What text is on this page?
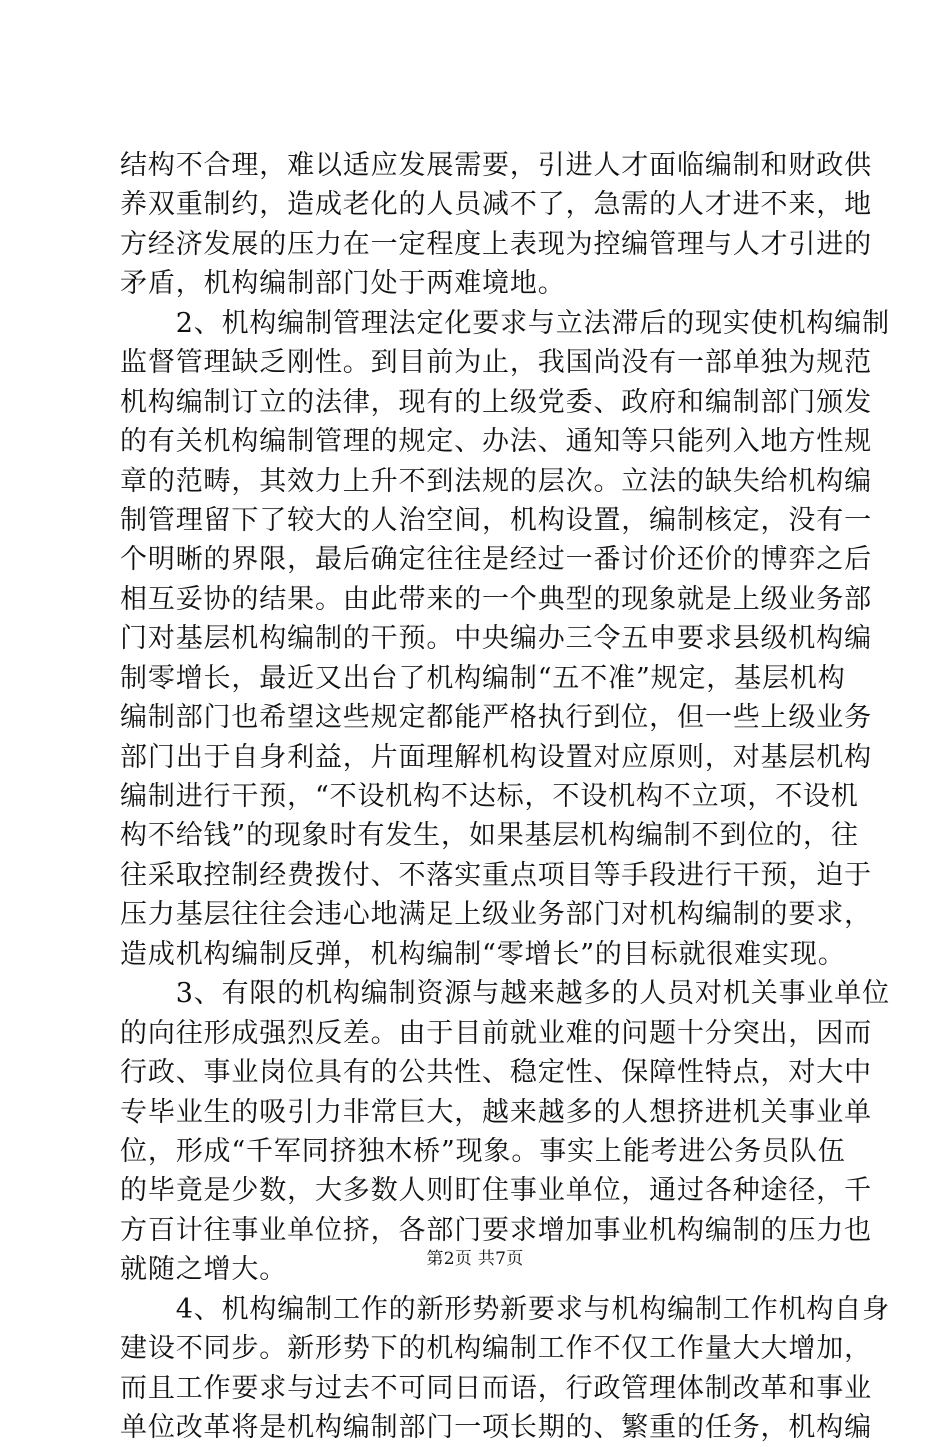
结构不合理，难以适应发展需要，引进人才面临编制和财政供
养双重制约，造成老化的人员减不了，急需的人才进不来，地
方经济发展的压力在一定程度上表现为控编管理与人才引进的
矛盾，机构编制部门处于两难境地。
　　2、机构编制管理法定化要求与立法滞后的现实使机构编制
监督管理缺乏刚性。到目前为止，我国尚没有一部单独为规范
机构编制订立的法律，现有的上级党委、政府和编制部门颁发
的有关机构编制管理的规定、办法、通知等只能列入地方性规
章的范畴，其效力上升不到法规的层次。立法的缺失给机构编
制管理留下了较大的人治空间，机构设置，编制核定，没有一
个明晰的界限，最后确定往往是经过一番讨价还价的博弈之后
相互妥协的结果。由此带来的一个典型的现象就是上级业务部
门对基层机构编制的干预。中央编办三令五申要求县级机构编
制零增长，最近又出台了机构编制“五不准”规定，基层机构
编制部门也希望这些规定都能严格执行到位，但一些上级业务
部门出于自身利益，片面理解机构设置对应原则，对基层机构
编制进行干预，“不设机构不达标，不设机构不立项，不设机
构不给钱”的现象时有发生，如果基层机构编制不到位的，往
往采取控制经费拨付、不落实重点项目等手段进行干预，迫于
压力基层往往会违心地满足上级业务部门对机构编制的要求，
造成机构编制反弹，机构编制“零增长”的目标就很难实现。
　　3、有限的机构编制资源与越来越多的人员对机关事业单位
的向往形成强烈反差。由于目前就业难的问题十分突出，因而
行政、事业岗位具有的公共性、稳定性、保障性特点，对大中
专毕业生的吸引力非常巨大，越来越多的人想挤进机关事业单
位，形成“千军同挤独木桥”现象。事实上能考进公务员队伍
的毕竟是少数，大多数人则盯住事业单位，通过各种途径，千
方百计往事业单位挤，各部门要求增加事业机构编制的压力也
就随之增大。
　　4、机构编制工作的新形势新要求与机构编制工作机构自身
建设不同步。新形势下的机构编制工作不仅工作量大大增加，
而且工作要求与过去不可同日而语，行政管理体制改革和事业
单位改革将是机构编制部门一项长期的、繁重的任务，机构编
第2页 共7页
